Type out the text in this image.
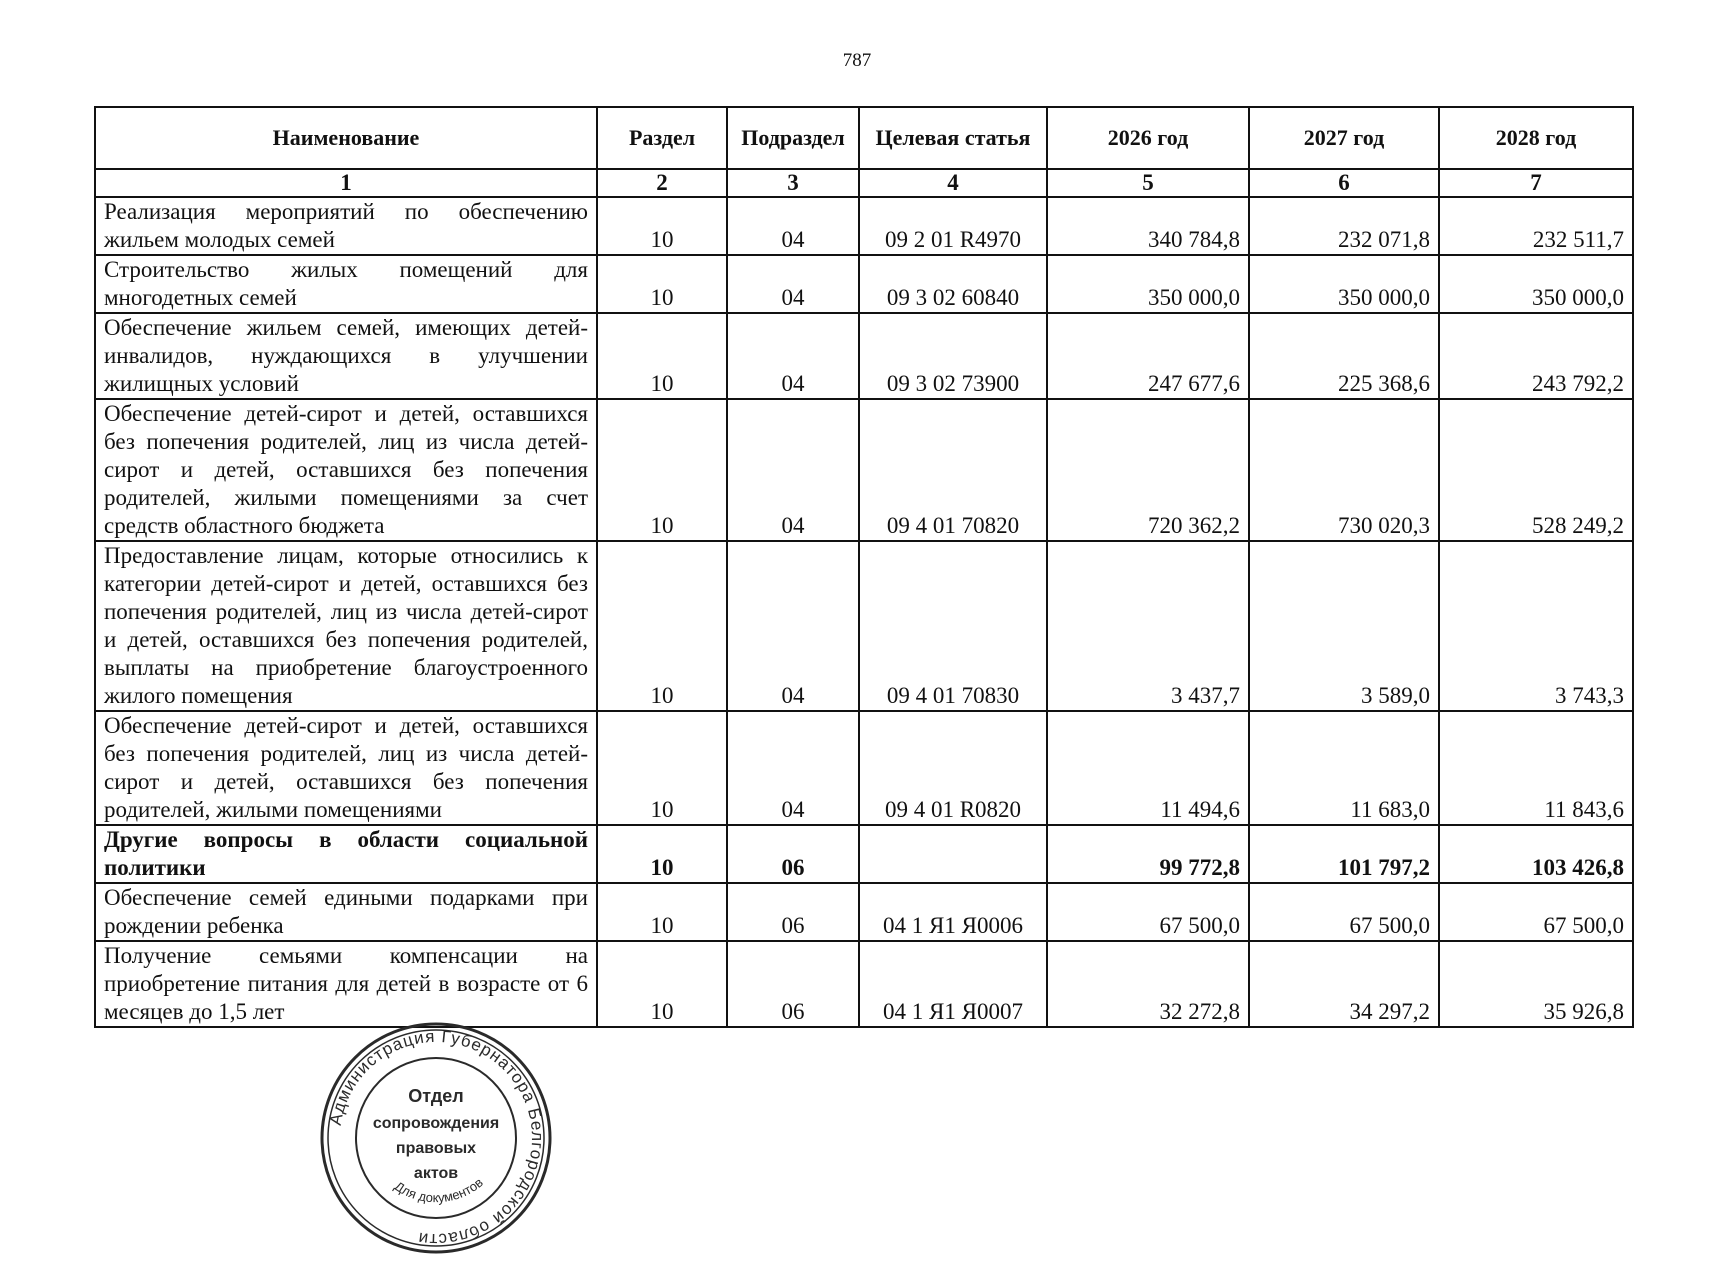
787
Наименование	Раздел	Подраздел	Целевая статья	2026 год	2027 год	2028 год
1	2	3	4	5	6	7
Реализация мероприятий по обеспечению жильем молодых семей	10	04	09 2 01 R4970	340 784,8	232 071,8	232 511,7
Строительство жилых помещений для многодетных семей	10	04	09 3 02 60840	350 000,0	350 000,0	350 000,0
Обеспечение жильем семей, имеющих детей-инвалидов, нуждающихся в улучшении жилищных условий	10	04	09 3 02 73900	247 677,6	225 368,6	243 792,2
Обеспечение детей-сирот и детей, оставшихся без попечения родителей, лиц из числа детей-сирот и детей, оставшихся без попечения родителей, жилыми помещениями за счет средств областного бюджета	10	04	09 4 01 70820	720 362,2	730 020,3	528 249,2
Предоставление лицам, которые относились к категории детей-сирот и детей, оставшихся без попечения родителей, лиц из числа детей-сирот и детей, оставшихся без попечения родителей, выплаты на приобретение благоустроенного жилого помещения	10	04	09 4 01 70830	3 437,7	3 589,0	3 743,3
Обеспечение детей-сирот и детей, оставшихся без попечения родителей, лиц из числа детей-сирот и детей, оставшихся без попечения родителей, жилыми помещениями	10	04	09 4 01 R0820	11 494,6	11 683,0	11 843,6
Другие вопросы в области социальной политики	10	06		99 772,8	101 797,2	103 426,8
Обеспечение семей едиными подарками при рождении ребенка	10	06	04 1 Я1 Я0006	67 500,0	67 500,0	67 500,0
Получение семьями компенсации на приобретение питания для детей в возрасте от 6 месяцев до 1,5 лет	10	06	04 1 Я1 Я0007	32 272,8	34 297,2	35 926,8
Администрация Губернатора Белгородской области
Отдел
сопровождения
правовых
актов
Для документов
